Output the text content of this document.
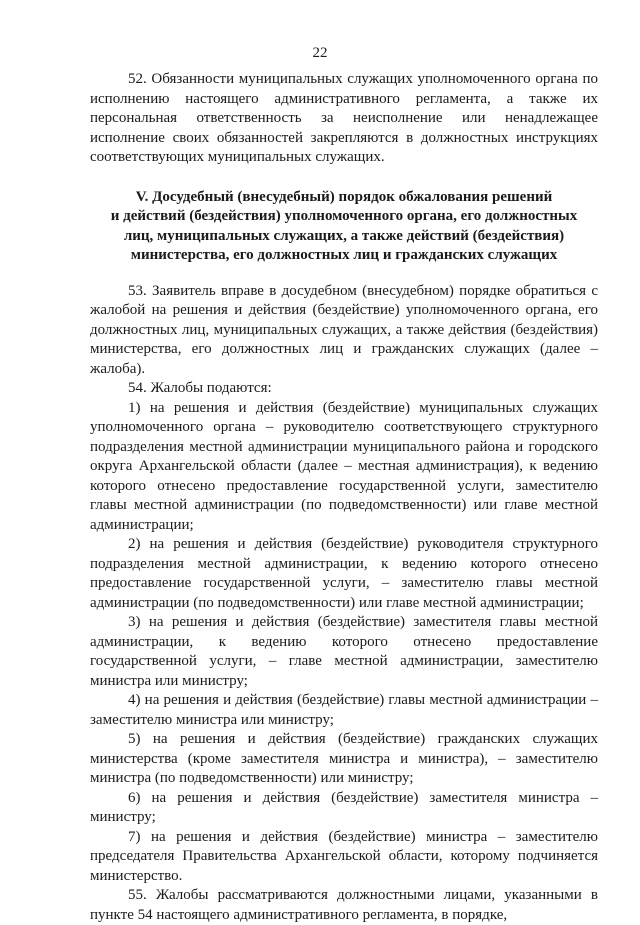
22

52. Обязанности муниципальных служащих уполномоченного органа по исполнению настоящего административного регламента, а также их персональная ответственность за неисполнение или ненадлежащее исполнение своих обязанностей закрепляются в должностных инструкциях соответствующих муниципальных служащих.

V. Досудебный (внесудебный) порядок обжалования решений
и действий (бездействия) уполномоченного органа, его должностных
лиц, муниципальных служащих, а также действий (бездействия)
министерства, его должностных лиц и гражданских служащих

53. Заявитель вправе в досудебном (внесудебном) порядке обратиться с жалобой на решения и действия (бездействие) уполномоченного органа, его должностных лиц, муниципальных служащих, а также действия (бездействия) министерства, его должностных лиц и гражданских служащих (далее – жалоба).

54. Жалобы подаются:

1) на решения и действия (бездействие) муниципальных служащих уполномоченного органа – руководителю соответствующего структурного подразделения местной администрации муниципального района и городского округа Архангельской области (далее – местная администрация), к ведению которого отнесено предоставление государственной услуги, заместителю главы местной администрации (по подведомственности) или главе местной администрации;

2) на решения и действия (бездействие) руководителя структурного подразделения местной администрации, к ведению которого отнесено предоставление государственной услуги, – заместителю главы местной администрации (по подведомственности) или главе местной администрации;

3) на решения и действия (бездействие) заместителя главы местной администрации, к ведению которого отнесено предоставление государственной услуги, – главе местной администрации, заместителю министра или министру;

4) на решения и действия (бездействие) главы местной администрации – заместителю министра или министру;

5) на решения и действия (бездействие) гражданских служащих министерства (кроме заместителя министра и министра), – заместителю министра (по подведомственности) или министру;

6) на решения и действия (бездействие) заместителя министра – министру;

7) на решения и действия (бездействие) министра – заместителю председателя Правительства Архангельской области, которому подчиняется министерство.

55. Жалобы рассматриваются должностными лицами, указанными в пункте 54 настоящего административного регламента, в порядке,
